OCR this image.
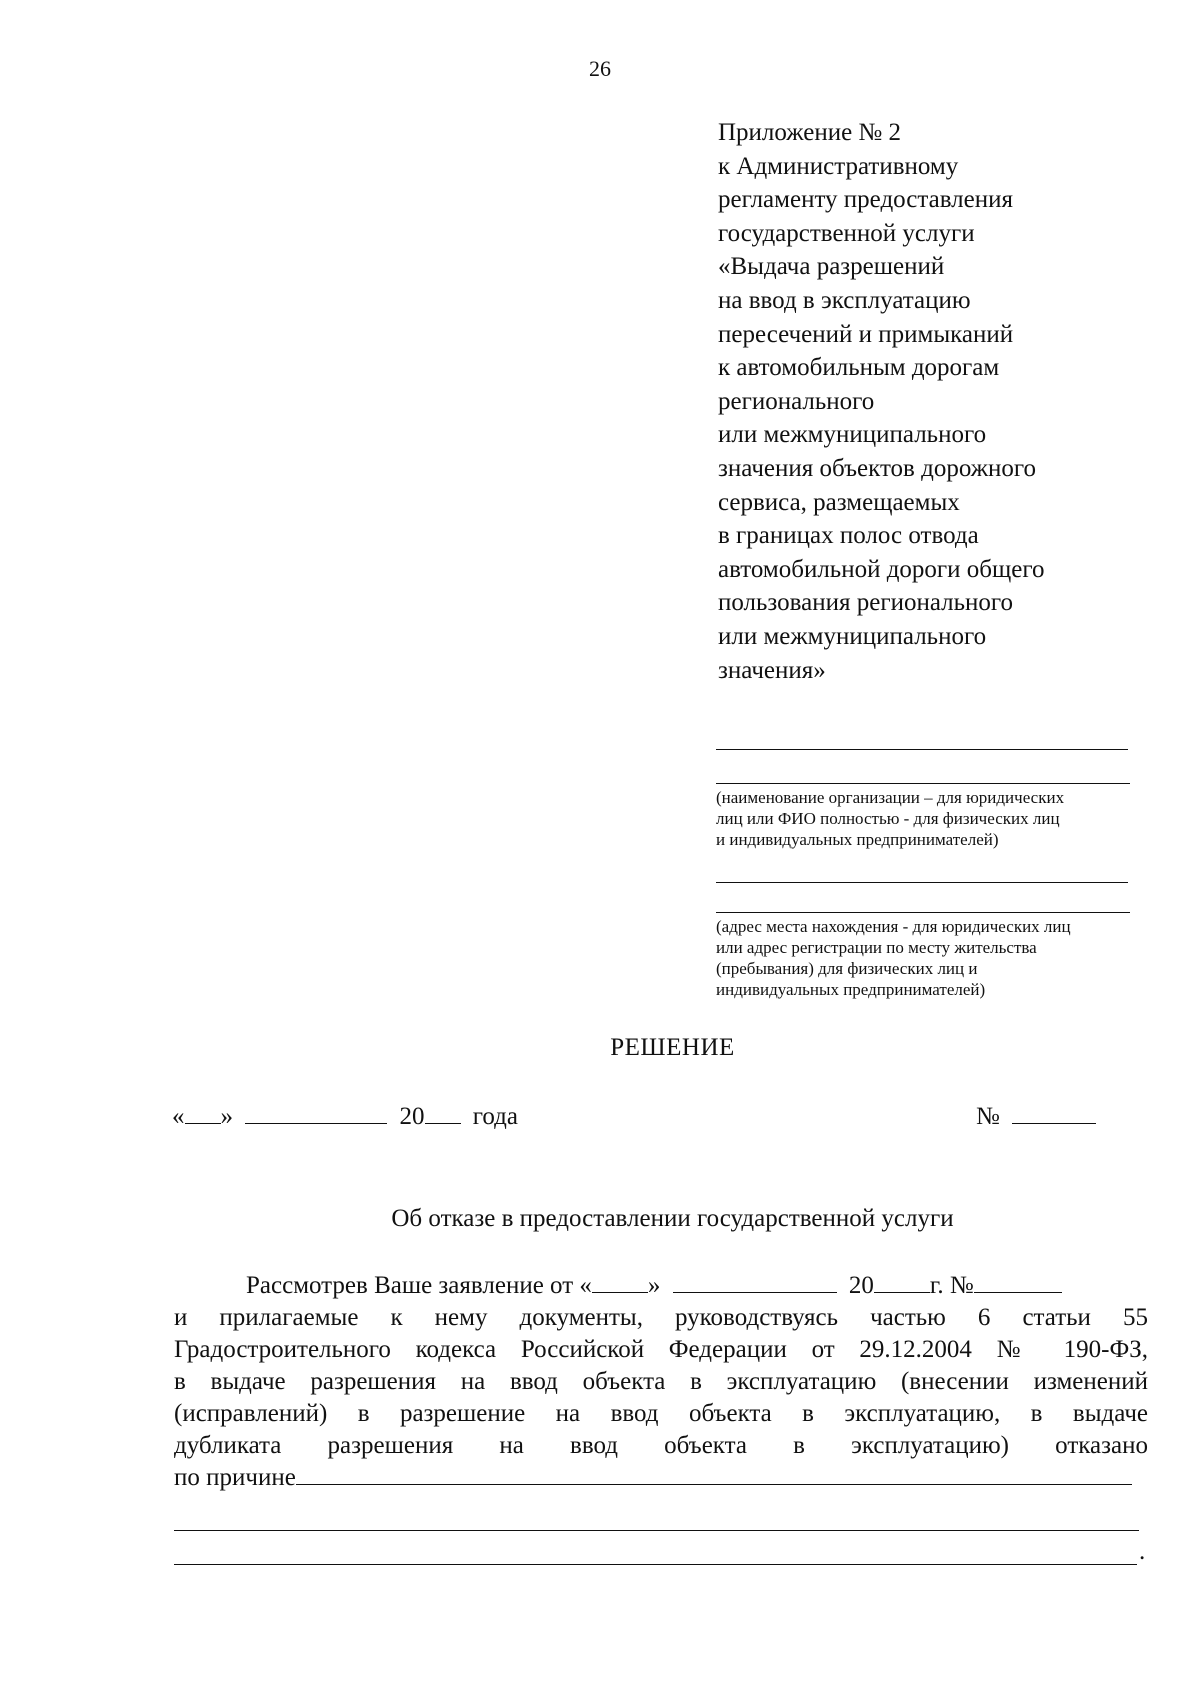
26
Приложение № 2
к Административному
регламенту предоставления
государственной услуги
«Выдача разрешений
на ввод в эксплуатацию
пересечений и примыканий
к автомобильным дорогам
регионального
или межмуниципального
значения объектов дорожного
сервиса, размещаемых
в границах полос отвода
автомобильной дороги общего
пользования регионального
или межмуниципального
значения»
(наименование организации – для юридических
лиц или ФИО полностью - для физических лиц
и индивидуальных предпринимателей)
(адрес места нахождения - для юридических лиц
или адрес регистрации по месту жительства
(пребывания) для физических лиц и
индивидуальных предпринимателей)
РЕШЕНИЕ
« »	20 года	№
Об отказе в предоставлении государственной услуги
Рассмотрев Ваше заявление от « »	20 г. №
и прилагаемые к нему документы, руководствуясь частью 6 статьи 55
Градостроительного кодекса Российской Федерации от 29.12.2004 № 190-ФЗ,
в выдаче разрешения на ввод объекта в эксплуатацию (внесении изменений
(исправлений) в разрешение на ввод объекта в эксплуатацию, в выдаче
дубликата разрешения на ввод объекта в эксплуатацию) отказано
по причине
.
